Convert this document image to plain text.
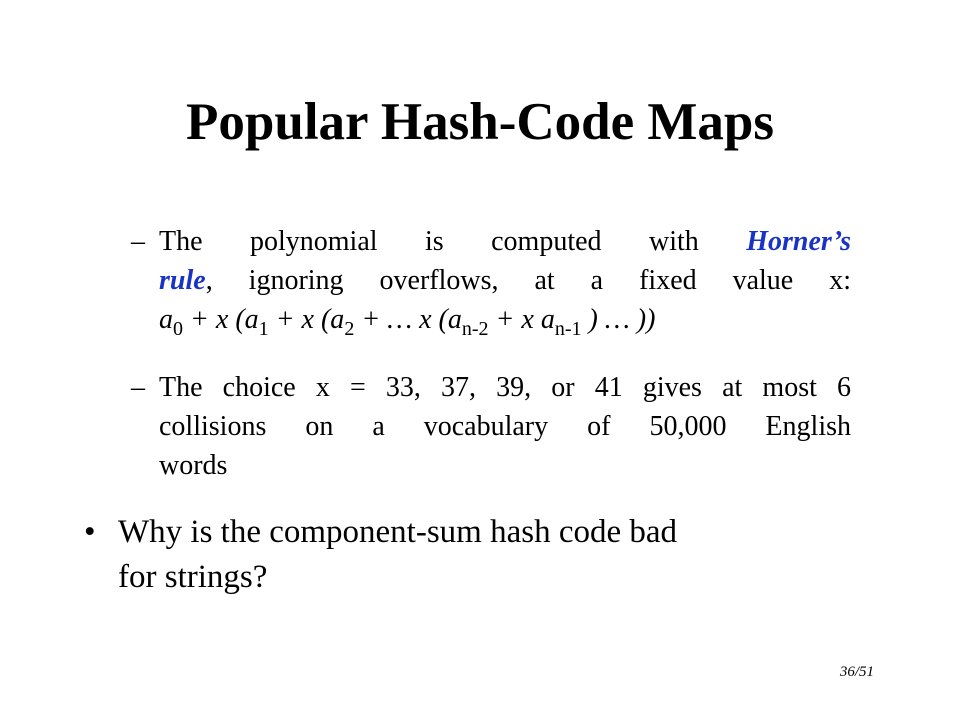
Popular Hash-Code Maps
– The polynomial is computed with Horner’s
rule, ignoring overflows, at a fixed value x:
$a_0 + x$ ($a_1 + x$ ($a_2$ + … x ($a_{n-2} + x$ $a_{n-1}$ ) … ))
– The choice x = 33, 37, 39, or 41 gives at most 6
collisions on a vocabulary of 50,000 English
words
• Why is the component-sum hash code bad
for strings?
36/51
